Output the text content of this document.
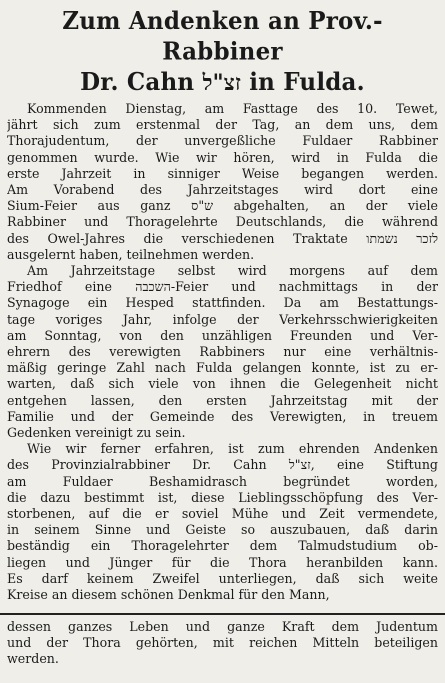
Zum Andenken an Prov.-Rabbiner
Dr. Cahn זצ"ל in Fulda.

Kommenden Dienstag, am Fasttage des 10. Tewet,
jährt sich zum erstenmal der Tag, an dem uns, dem
Thorajudentum, der unvergeßliche Fuldaer Rabbiner
genommen wurde. Wie wir hören, wird in Fulda die
erste Jahrzeit in sinniger Weise begangen werden.
Am Vorabend des Jahrzeitstages wird dort eine
Sium-Feier aus ganz ש"ס abgehalten, an der viele
Rabbiner und Thoragelehrte Deutschlands, die während
des Owel-Jahres die verschiedenen Traktate לזכר נשמתו
ausgelernt haben, teilnehmen werden.

Am Jahrzeitstage selbst wird morgens auf dem
Friedhof eine השכבה-Feier und nachmittags in der
Synagoge ein Hesped stattfinden. Da am Bestattungs-
tage voriges Jahr, infolge der Verkehrsschwierigkeiten
am Sonntag, von den unzähligen Freunden und Ver-
ehrern des verewigten Rabbiners nur eine verhältnis-
mäßig geringe Zahl nach Fulda gelangen konnte, ist zu er-
warten, daß sich viele von ihnen die Gelegenheit nicht
entgehen lassen, den ersten Jahrzeitstag mit der
Familie und der Gemeinde des Verewigten, in treuem
Gedenken vereinigt zu sein.

Wie wir ferner erfahren, ist zum ehrenden Andenken
des Provinzialrabbiner Dr. Cahn זצ"ל, eine Stiftung
am Fuldaer Beshamidrasch begründet worden,
die dazu bestimmt ist, diese Lieblingsschöpfung des Ver-
storbenen, auf die er soviel Mühe und Zeit vermendete,
in seinem Sinne und Geiste so auszubauen, daß darin
beständig ein Thoragelehrter dem Talmudstudium ob-
liegen und Jünger für die Thora heranbilden kann.
Es darf keinem Zweifel unterliegen, daß sich weite
Kreise an diesem schönen Denkmal für den Mann,

dessen ganzes Leben und ganze Kraft dem Judentum
und der Thora gehörten, mit reichen Mitteln beteiligen
werden.
